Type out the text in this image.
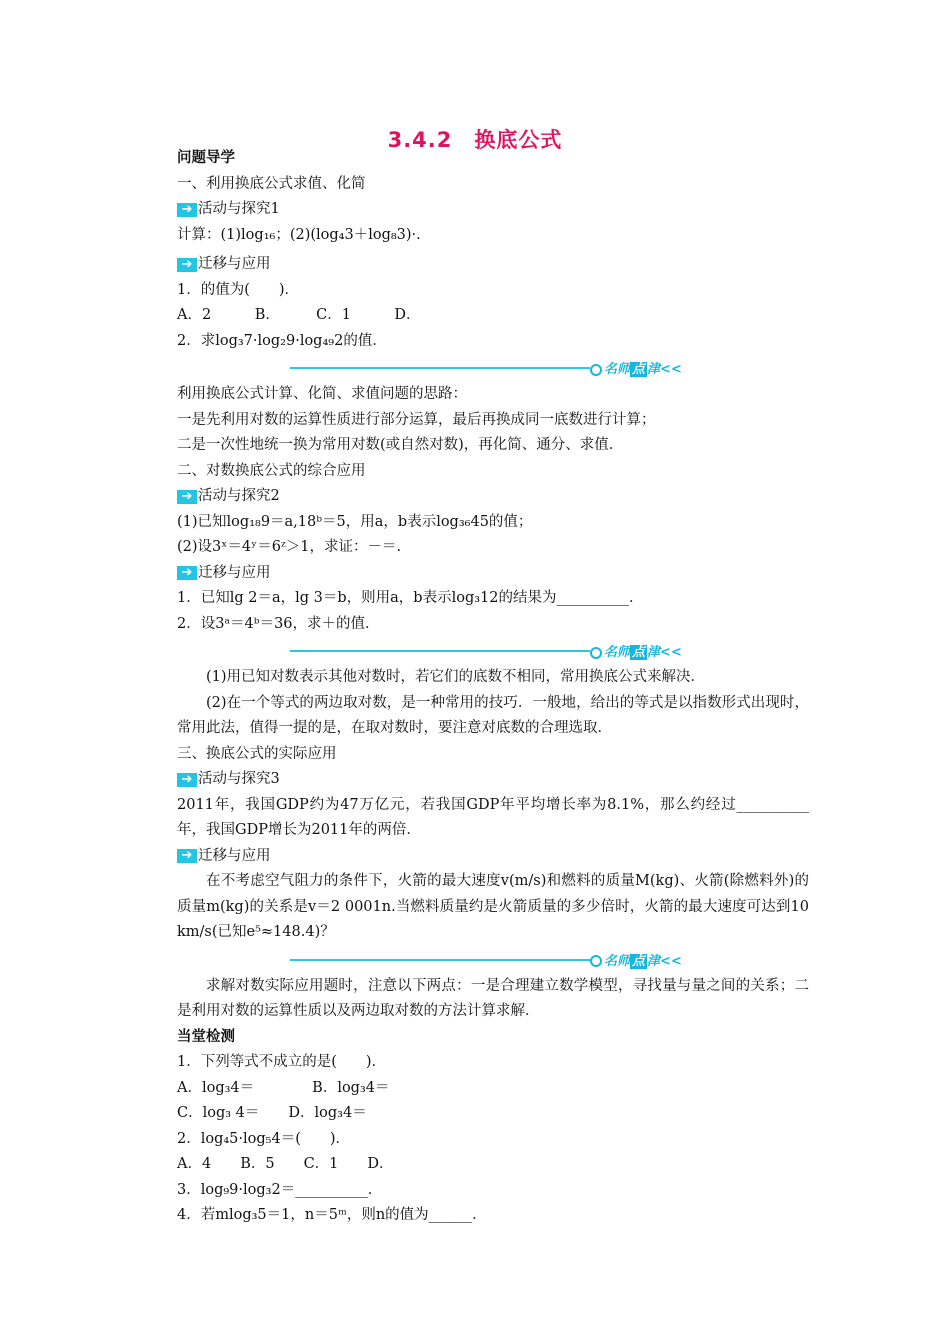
3.4.2　换底公式
问题导学
一、利用换底公式求值、化简
➔ 活动与探究1
计算：(1)log₁₆；(2)(log₄3＋log₈3)·.
➔ 迁移与应用
1．的值为(　　)．
A．2　　　B．　　　C．1　　　D．
2．求log₃7·log₂9·log₄₉2的值．
名师 点 津<<
利用换底公式计算、化简、求值问题的思路：
一是先利用对数的运算性质进行部分运算，最后再换成同一底数进行计算；
二是一次性地统一换为常用对数(或自然对数)，再化简、通分、求值．
二、对数换底公式的综合应用
➔ 活动与探究2
(1)已知log₁₈9＝a,18ᵇ＝5，用a，b表示log₃₆45的值；
(2)设3ˣ＝4ʸ＝6ᶻ＞1，求证：－＝.
➔ 迁移与应用
1．已知lg 2＝a，lg 3＝b，则用a，b表示log₃12的结果为__________．
2．设3ᵃ＝4ᵇ＝36，求＋的值．
名师 点 津<<
(1)用已知对数表示其他对数时，若它们的底数不相同，常用换底公式来解决．
(2)在一个等式的两边取对数，是一种常用的技巧．一般地，给出的等式是以指数形式出现时，常用此法，值得一提的是，在取对数时，要注意对底数的合理选取．
三、换底公式的实际应用
➔ 活动与探究3
2011年，我国GDP约为47万亿元，若我国GDP年平均增长率为8.1%，那么约经过__________年，我国GDP增长为2011年的两倍．
➔ 迁移与应用
在不考虑空气阻力的条件下，火箭的最大速度v(m/s)和燃料的质量M(kg)、火箭(除燃料外)的质量m(kg)的关系是v＝2 0001n.当燃料质量约是火箭质量的多少倍时，火箭的最大速度可达到10 km/s(已知e⁵≈148.4)？
名师 点 津<<
求解对数实际应用题时，注意以下两点：一是合理建立数学模型，寻找量与量之间的关系；二是利用对数的运算性质以及两边取对数的方法计算求解．
当堂检测
1．下列等式不成立的是(　　)．
A．log₃4＝　　　　B．log₃4＝
C．log₃ 4＝　　D．log₃4＝
2．log₄5·log₅4＝(　　)．
A．4　　B．5　　C．1　　D．
3．log₉9·log₃2＝__________．
4．若mlog₃5＝1，n＝5ᵐ，则n的值为______．
